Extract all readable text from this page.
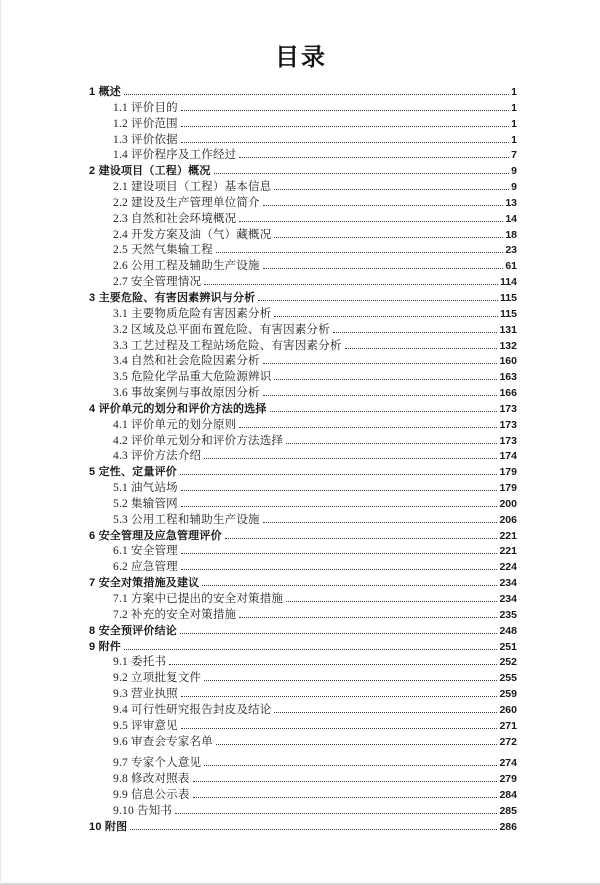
目录
1 概述	1
1.1 评价目的	1
1.2 评价范围	1
1.3 评价依据	1
1.4 评价程序及工作经过	7
2 建设项目（工程）概况	9
2.1 建设项目（工程）基本信息	9
2.2 建设及生产管理单位简介	13
2.3 自然和社会环境概况	14
2.4 开发方案及油（气）藏概况	18
2.5 天然气集输工程	23
2.6 公用工程及辅助生产设施	61
2.7 安全管理情况	114
3 主要危险、有害因素辨识与分析	115
3.1 主要物质危险有害因素分析	115
3.2 区域及总平面布置危险、有害因素分析	131
3.3 工艺过程及工程站场危险、有害因素分析	132
3.4 自然和社会危险因素分析	160
3.5 危险化学品重大危险源辨识	163
3.6 事故案例与事故原因分析	166
4 评价单元的划分和评价方法的选择	173
4.1 评价单元的划分原则	173
4.2 评价单元划分和评价方法选择	173
4.3 评价方法介绍	174
5 定性、定量评价	179
5.1 油气站场	179
5.2 集输管网	200
5.3 公用工程和辅助生产设施	206
6 安全管理及应急管理评价	221
6.1 安全管理	221
6.2 应急管理	224
7 安全对策措施及建议	234
7.1 方案中已提出的安全对策措施	234
7.2 补充的安全对策措施	235
8 安全预评价结论	248
9 附件	251
9.1 委托书	252
9.2 立项批复文件	255
9.3 营业执照	259
9.4 可行性研究报告封皮及结论	260
9.5 评审意见	271
9.6 审查会专家名单	272
9.7 专家个人意见	274
9.8 修改对照表	279
9.9 信息公示表	284
9.10 告知书	285
10 附图	286
